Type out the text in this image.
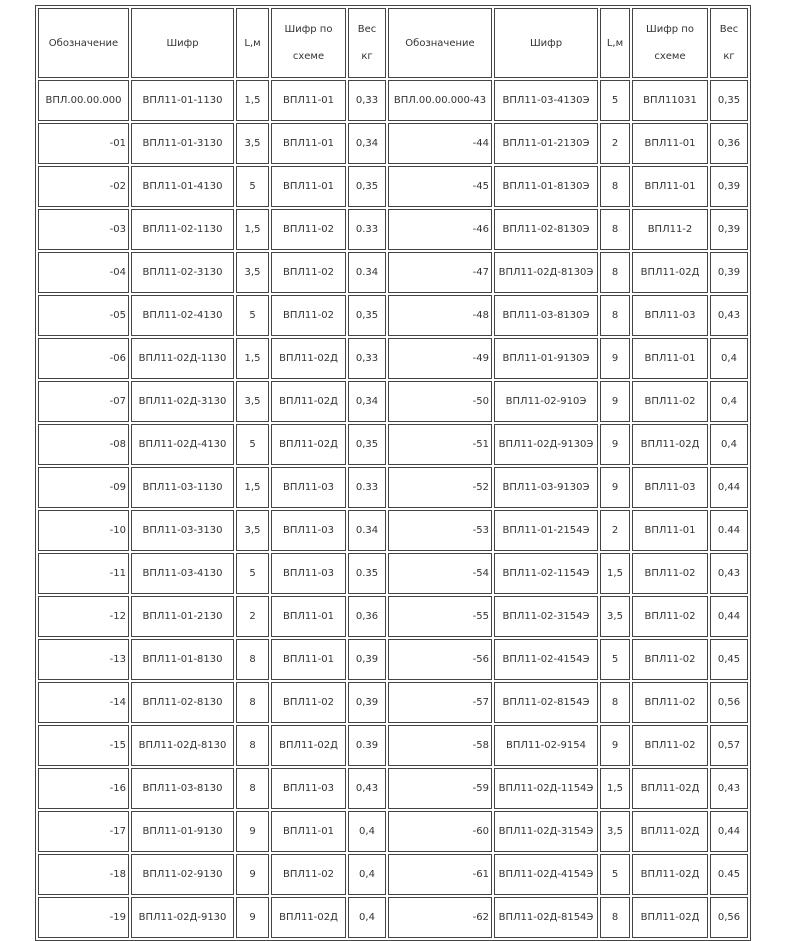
Обозначение	Шифр	L,м	Шифр по схеме	Вес кг	Обозначение	Шифр	L,м	Шифр по схеме	Вес кг
ВПЛ.00.00.000	ВПЛ11-01-1130	1,5	ВПЛ11-01	0,33	ВПЛ.00.00.000-43	ВПЛ11-03-4130Э	5	ВПЛ11031	0,35
-01	ВПЛ11-01-3130	3,5	ВПЛ11-01	0,34	-44	ВПЛ11-01-2130Э	2	ВПЛ11-01	0,36
-02	ВПЛ11-01-4130	5	ВПЛ11-01	0,35	-45	ВПЛ11-01-8130Э	8	ВПЛ11-01	0,39
-03	ВПЛ11-02-1130	1,5	ВПЛ11-02	0.33	-46	ВПЛ11-02-8130Э	8	ВПЛ11-2	0,39
-04	ВПЛ11-02-3130	3,5	ВПЛ11-02	0.34	-47	ВПЛ11-02Д-8130Э	8	ВПЛ11-02Д	0,39
-05	ВПЛ11-02-4130	5	ВПЛ11-02	0,35	-48	ВПЛ11-03-8130Э	8	ВПЛ11-03	0,43
-06	ВПЛ11-02Д-1130	1,5	ВПЛ11-02Д	0,33	-49	ВПЛ11-01-9130Э	9	ВПЛ11-01	0,4
-07	ВПЛ11-02Д-3130	3,5	ВПЛ11-02Д	0,34	-50	ВПЛ11-02-910Э	9	ВПЛ11-02	0,4
-08	ВПЛ11-02Д-4130	5	ВПЛ11-02Д	0,35	-51	ВПЛ11-02Д-9130Э	9	ВПЛ11-02Д	0,4
-09	ВПЛ11-03-1130	1,5	ВПЛ11-03	0.33	-52	ВПЛ11-03-9130Э	9	ВПЛ11-03	0,44
-10	ВПЛ11-03-3130	3,5	ВПЛ11-03	0.34	-53	ВПЛ11-01-2154Э	2	ВПЛ11-01	0.44
-11	ВПЛ11-03-4130	5	ВПЛ11-03	0.35	-54	ВПЛ11-02-1154Э	1,5	ВПЛ11-02	0,43
-12	ВПЛ11-01-2130	2	ВПЛ11-01	0,36	-55	ВПЛ11-02-3154Э	3,5	ВПЛ11-02	0,44
-13	ВПЛ11-01-8130	8	ВПЛ11-01	0,39	-56	ВПЛ11-02-4154Э	5	ВПЛ11-02	0,45
-14	ВПЛ11-02-8130	8	ВПЛ11-02	0,39	-57	ВПЛ11-02-8154Э	8	ВПЛ11-02	0,56
-15	ВПЛ11-02Д-8130	8	ВПЛ11-02Д	0.39	-58	ВПЛ11-02-9154	9	ВПЛ11-02	0,57
-16	ВПЛ11-03-8130	8	ВПЛ11-03	0,43	-59	ВПЛ11-02Д-1154Э	1,5	ВПЛ11-02Д	0,43
-17	ВПЛ11-01-9130	9	ВПЛ11-01	0,4	-60	ВПЛ11-02Д-3154Э	3,5	ВПЛ11-02Д	0,44
-18	ВПЛ11-02-9130	9	ВПЛ11-02	0,4	-61	ВПЛ11-02Д-4154Э	5	ВПЛ11-02Д	0.45
-19	ВПЛ11-02Д-9130	9	ВПЛ11-02Д	0,4	-62	ВПЛ11-02Д-8154Э	8	ВПЛ11-02Д	0,56
